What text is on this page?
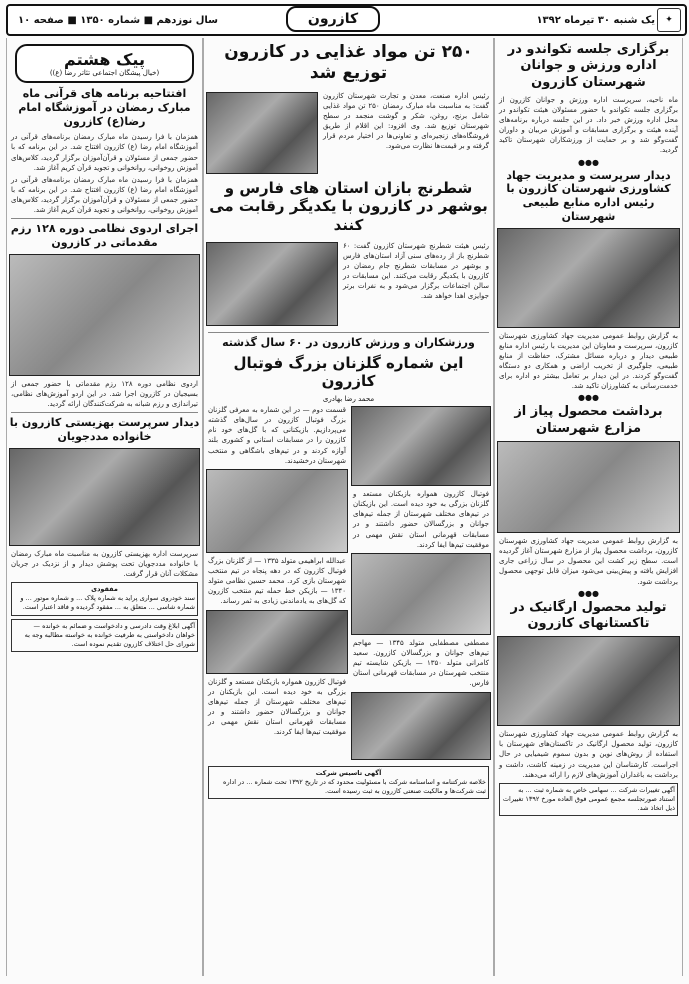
✦
یک شنبه ۳۰ تیرماه ۱۳۹۲
سال نوزدهم ■ شماره ۱۳۵۰ ■ صفحه ۱۰	کازرون
برگزاری جلسه تکواندو در اداره ورزش و جوانان شهرستان کازرون
ماه ناحیه، سرپرست اداره ورزش و جوانان کازرون از برگزاری جلسه تکواندو با حضور مسئولان هیئت تکواندو در محل اداره ورزش خبر داد. در این جلسه درباره برنامه‌های آینده هیئت و برگزاری مسابقات و آموزش مربیان و داوران گفت‌وگو شد و بر حمایت از ورزشکاران شهرستان تاکید گردید.
●●●
دیدار سرپرست و مدیریت جهاد کشاورزی شهرستان کازرون با رئیس اداره منابع طبیعی شهرستان
به گزارش روابط عمومی مدیریت جهاد کشاورزی شهرستان کازرون، سرپرست و معاونان این مدیریت با رئیس اداره منابع طبیعی دیدار و درباره مسائل مشترک، حفاظت از منابع طبیعی، جلوگیری از تخریب اراضی و همکاری دو دستگاه گفت‌وگو کردند. در این دیدار بر تعامل بیشتر دو اداره برای خدمت‌رسانی به کشاورزان تاکید شد.
●●●
برداشت محصول پیاز از مزارع شهرستان
به گزارش روابط عمومی مدیریت جهاد کشاورزی شهرستان کازرون، برداشت محصول پیاز از مزارع شهرستان آغاز گردیده است. سطح زیر کشت این محصول در سال زراعی جاری افزایش یافته و پیش‌بینی می‌شود میزان قابل توجهی محصول برداشت شود.
●●●
تولید محصول ارگانیک در تاکستانهای کازرون
به گزارش روابط عمومی مدیریت جهاد کشاورزی شهرستان کازرون، تولید محصول ارگانیک در تاکستان‌های شهرستان با استفاده از روش‌های نوین و بدون سموم شیمیایی در حال اجراست. کارشناسان این مدیریت در زمینه کاشت، داشت و برداشت به باغداران آموزش‌های لازم را ارائه می‌دهند.
آگهی تغییرات شرکت ... سهامی خاص به شماره ثبت ... به استناد صورتجلسه مجمع عمومی فوق العاده مورخ ۱۳۹۲ تغییرات ذیل اتخاذ شد.
۲۵۰ تن مواد غذایی در کازرون توزیع شد
رئیس اداره صنعت، معدن و تجارت شهرستان کازرون گفت: به مناسبت ماه مبارک رمضان ۲۵۰ تن مواد غذایی شامل برنج، روغن، شکر و گوشت منجمد در سطح شهرستان توزیع شد. وی افزود: این اقلام از طریق فروشگاه‌های زنجیره‌ای و تعاونی‌ها در اختیار مردم قرار گرفته و بر قیمت‌ها نظارت می‌شود.
شطرنج بازان استان های فارس و بوشهر در کازرون با یکدیگر رقابت می کنند
رئیس هیئت شطرنج شهرستان کازرون گفت: ۶۰ شطرنج باز از رده‌های سنی آزاد استان‌های فارس و بوشهر در مسابقات شطرنج جام رمضان در کازرون با یکدیگر رقابت می‌کنند. این مسابقات در سالن اجتماعات برگزار می‌شود و به نفرات برتر جوایزی اهدا خواهد شد.
ورزشکاران و ورزش کازرون در ۶۰ سال گذشته
این شماره گلزنان بزرگ فوتبال کازرون
محمد رضا بهادری
فوتبال کازرون همواره بازیکنان مستعد و گلزنان بزرگی به خود دیده است. این بازیکنان در تیم‌های مختلف شهرستان از جمله تیم‌های جوانان و بزرگسالان حضور داشتند و در مسابقات قهرمانی استان نقش مهمی در موفقیت تیم‌ها ایفا کردند.
مصطفی مصطفایی متولد ۱۳۴۵ — مهاجم تیم‌های جوانان و بزرگسالان کازرون. سعید کامرانی متولد ۱۳۵۰ — بازیکن شایسته تیم منتخب شهرستان در مسابقات قهرمانی استان فارس.
قسمت دوم — در این شماره به معرفی گلزنان بزرگ فوتبال کازرون در سال‌های گذشته می‌پردازیم. بازیکنانی که با گل‌های خود نام کازرون را در مسابقات استانی و کشوری بلند آوازه کردند و در تیم‌های باشگاهی و منتخب شهرستان درخشیدند.
عبدالله ابراهیمی متولد ۱۳۳۵ — از گلزنان بزرگ فوتبال کازرون که در دهه پنجاه در تیم منتخب شهرستان بازی کرد. محمد حسین نظامی متولد ۱۳۴۰ — بازیکن خط حمله تیم منتخب کازرون که گل‌های به یادماندنی زیادی به ثمر رساند.
فوتبال کازرون همواره بازیکنان مستعد و گلزنان بزرگی به خود دیده است. این بازیکنان در تیم‌های مختلف شهرستان از جمله تیم‌های جوانان و بزرگسالان حضور داشتند و در مسابقات قهرمانی استان نقش مهمی در موفقیت تیم‌ها ایفا کردند.
آگهی تاسیس شرکت
خلاصه شرکتنامه و اساسنامه شرکت با مسئولیت محدود که در تاریخ ۱۳۹۲ تحت شماره ... در اداره ثبت شرکت‌ها و مالکیت صنعتی کازرون به ثبت رسیده است.
پیک هشتم
(خیال پیشگان اجتماعی تئاتر رضا (ع))
افتتاحیه برنامه های قرآنی ماه مبارک رمضان در آموزشگاه امام رضا(ع) کازرون
همزمان با فرا رسیدن ماه مبارک رمضان برنامه‌های قرآنی در آموزشگاه امام رضا (ع) کازرون افتتاح شد. در این برنامه که با حضور جمعی از مسئولان و قرآن‌آموزان برگزار گردید، کلاس‌های آموزش روخوانی، روانخوانی و تجوید قرآن کریم آغاز شد.
همزمان با فرا رسیدن ماه مبارک رمضان برنامه‌های قرآنی در آموزشگاه امام رضا (ع) کازرون افتتاح شد. در این برنامه که با حضور جمعی از مسئولان و قرآن‌آموزان برگزار گردید، کلاس‌های آموزش روخوانی، روانخوانی و تجوید قرآن کریم آغاز شد.
اجرای اردوی نظامی دوره ۱۲۸ رزم مقدماتی در کازرون
اردوی نظامی دوره ۱۲۸ رزم مقدماتی با حضور جمعی از بسیجیان در کازرون اجرا شد. در این اردو آموزش‌های نظامی، تیراندازی و رزم شبانه به شرکت‌کنندگان ارائه گردید.
دیدار سرپرست بهزیستی کازرون با خانواده مددجویان
سرپرست اداره بهزیستی کازرون به مناسبت ماه مبارک رمضان با خانواده مددجویان تحت پوشش دیدار و از نزدیک در جریان مشکلات آنان قرار گرفت.
مفقودی
سند خودروی سواری پراید به شماره پلاک ... و شماره موتور ... و شماره شاسی ... متعلق به ... مفقود گردیده و فاقد اعتبار است.
آگهی ابلاغ وقت دادرسی و دادخواست و ضمائم به خوانده — خواهان دادخواستی به طرفیت خوانده به خواسته مطالبه وجه به شورای حل اختلاف کازرون تقدیم نموده است.
